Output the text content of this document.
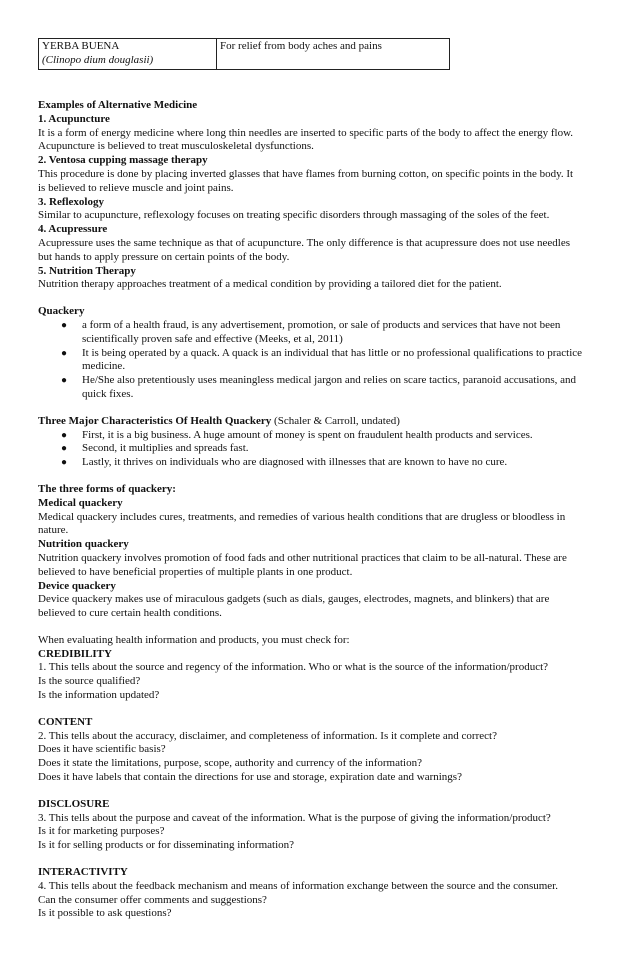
YERBA BUENA
(Clinopo dium douglasii)
	For relief from body aches and pains
Examples of Alternative Medicine
1. Acupuncture
It is a form of energy medicine where long thin needles are inserted to specific parts of the body to affect the energy flow.
Acupuncture is believed to treat musculoskeletal dysfunctions.
2. Ventosa cupping massage therapy
This procedure is done by placing inverted glasses that have flames from burning cotton, on specific points in the body. It
is believed to relieve muscle and joint pains.
3. Reflexology
Similar to acupuncture, reflexology focuses on treating specific disorders through massaging of the soles of the feet.
4. Acupressure
Acupressure uses the same technique as that of acupuncture. The only difference is that acupressure does not use needles
but hands to apply pressure on certain points of the body.
5. Nutrition Therapy
Nutrition therapy approaches treatment of a medical condition by providing a tailored diet for the patient.
Quackery
● a form of a health fraud, is any advertisement, promotion, or sale of products and services that have not been
scientifically proven safe and effective (Meeks, et al, 2011)
● It is being operated by a quack. A quack is an individual that has little or no professional qualifications to practice
medicine.
● He/She also pretentiously uses meaningless medical jargon and relies on scare tactics, paranoid accusations, and
quick fixes.
Three Major Characteristics Of Health Quackery (Schaler & Carroll, undated)
● First, it is a big business. A huge amount of money is spent on fraudulent health products and services.
● Second, it multiplies and spreads fast.
● Lastly, it thrives on individuals who are diagnosed with illnesses that are known to have no cure.
The three forms of quackery:
Medical quackery
Medical quackery includes cures, treatments, and remedies of various health conditions that are drugless or bloodless in
nature.
Nutrition quackery
Nutrition quackery involves promotion of food fads and other nutritional practices that claim to be all-natural. These are
believed to have beneficial properties of multiple plants in one product.
Device quackery
Device quackery makes use of miraculous gadgets (such as dials, gauges, electrodes, magnets, and blinkers) that are
believed to cure certain health conditions.
When evaluating health information and products, you must check for:
CREDIBILITY
1. This tells about the source and regency of the information. Who or what is the source of the information/product?
Is the source qualified?
Is the information updated?
CONTENT
2. This tells about the accuracy, disclaimer, and completeness of information. Is it complete and correct?
Does it have scientific basis?
Does it state the limitations, purpose, scope, authority and currency of the information?
Does it have labels that contain the directions for use and storage, expiration date and warnings?
DISCLOSURE
3. This tells about the purpose and caveat of the information. What is the purpose of giving the information/product?
Is it for marketing purposes?
Is it for selling products or for disseminating information?
INTERACTIVITY
4. This tells about the feedback mechanism and means of information exchange between the source and the consumer.
Can the consumer offer comments and suggestions?
Is it possible to ask questions?
